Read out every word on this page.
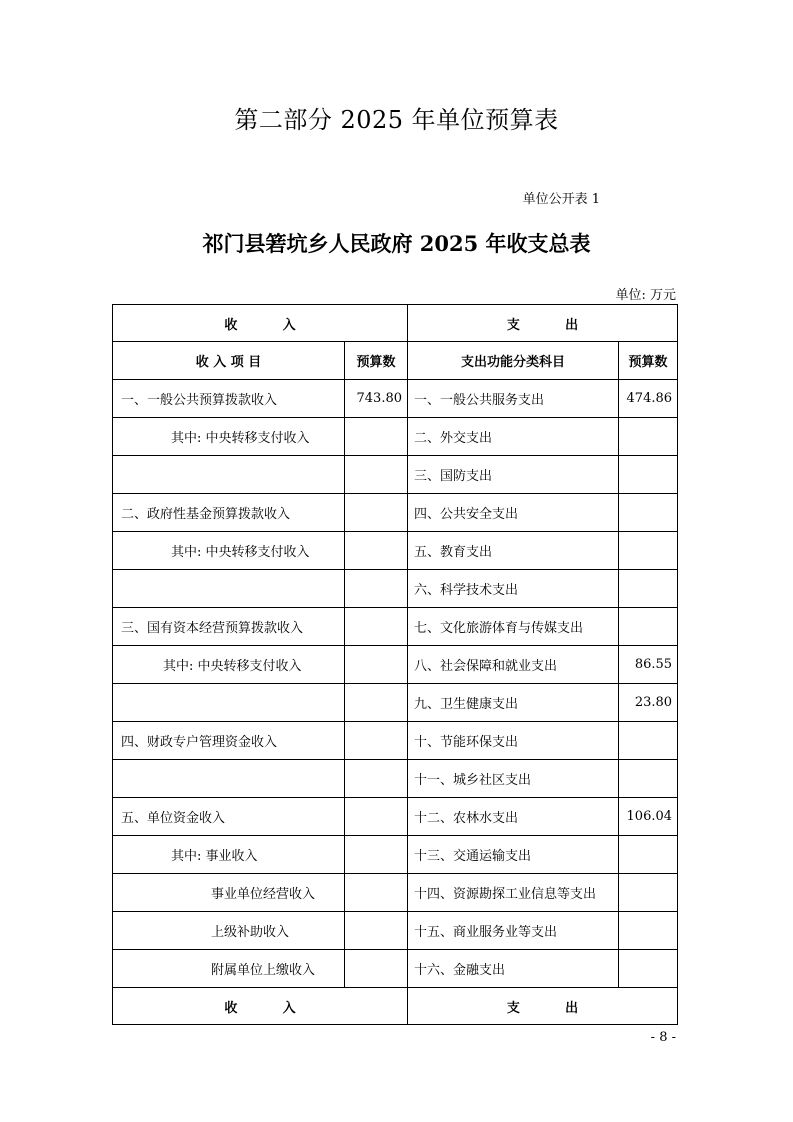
第二部分 2025 年单位预算表
单位公开表 1
祁门县箬坑乡人民政府 2025 年收支总表
单位: 万元
收          入		支          出	
收 入 项 目	预算数	支出功能分类科目	预算数
一、一般公共预算拨款收入	743.80	一、一般公共服务支出	474.86
其中: 中央转移支付收入		二、外交支出	
		三、国防支出	
二、政府性基金预算拨款收入		四、公共安全支出	
其中: 中央转移支付收入		五、教育支出	
		六、科学技术支出	
三、国有资本经营预算拨款收入		七、文化旅游体育与传媒支出	
其中: 中央转移支付收入		八、社会保障和就业支出	86.55
		九、卫生健康支出	23.80
四、财政专户管理资金收入		十、节能环保支出	
		十一、城乡社区支出	
五、单位资金收入		十二、农林水支出	106.04
其中: 事业收入		十三、交通运输支出	
事业单位经营收入		十四、资源勘探工业信息等支出	
上级补助收入		十五、商业服务业等支出	
附属单位上缴收入		十六、金融支出	
收          入		支          出	
- 8 -
